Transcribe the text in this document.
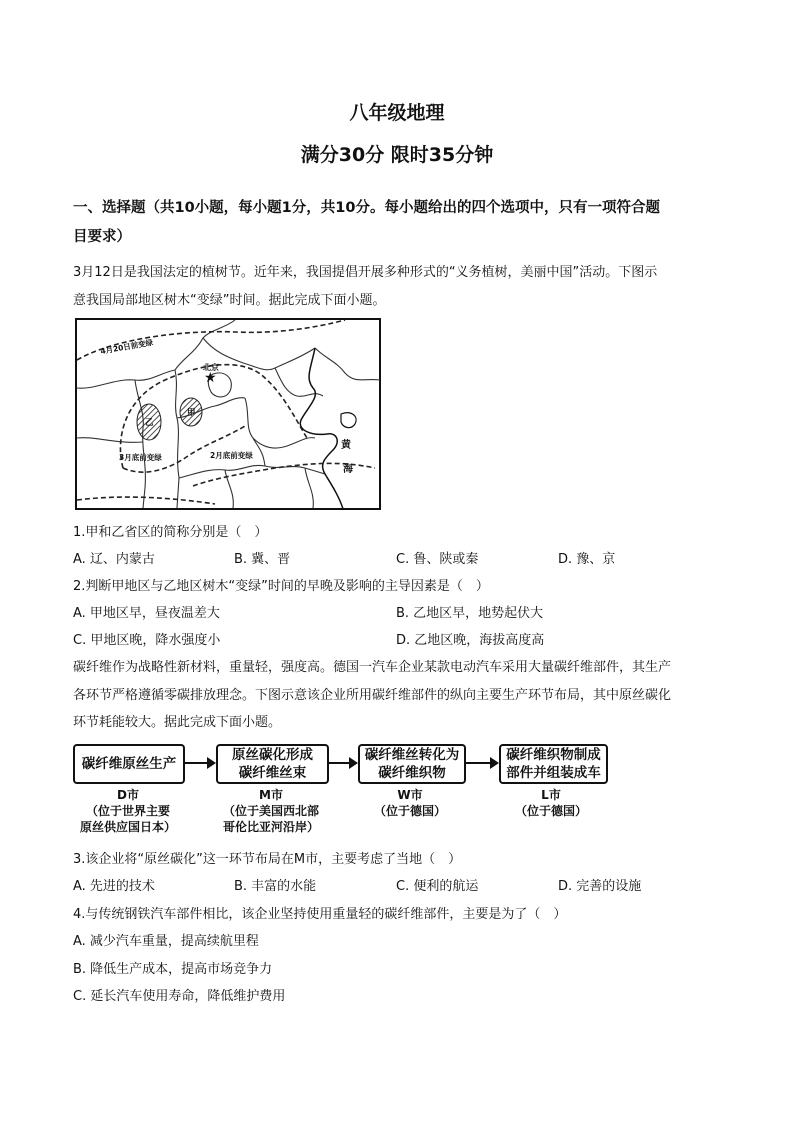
八年级地理
满分30分 限时35分钟
一、选择题（共10小题，每小题1分，共10分。每小题给出的四个选项中，只有一项符合题
目要求）
3月12日是我国法定的植树节。近年来，我国提倡开展多种形式的“义务植树，美丽中国”活动。下图示
意我国局部地区树木“变绿”时间。据此完成下面小题。
★
4月20日前变绿
北京
甲
乙
3月底前变绿	2月底前变绿
黄
海
1.甲和乙省区的简称分别是（　）
A. 辽、内蒙古	B. 冀、晋	C. 鲁、陕或秦	D. 豫、京
2.判断甲地区与乙地区树木“变绿”时间的早晚及影响的主导因素是（　）
A. 甲地区早，昼夜温差大	B. 乙地区早，地势起伏大
C. 甲地区晚，降水强度小	D. 乙地区晚，海拔高度高
碳纤维作为战略性新材料，重量轻，强度高。德国一汽车企业某款电动汽车采用大量碳纤维部件，其生产
各环节严格遵循零碳排放理念。下图示意该企业所用碳纤维部件的纵向主要生产环节布局，其中原丝碳化
环节耗能较大。据此完成下面小题。
碳纤维原丝生产
原丝碳化形成
碳纤维丝束
碳纤维丝转化为
碳纤维织物
碳纤维织物制成
部件并组装成车
D市
（位于世界主要
原丝供应国日本）
M市
（位于美国西北部
哥伦比亚河沿岸）
W市
（位于德国）
L市
（位于德国）
3.该企业将“原丝碳化”这一环节布局在M市，主要考虑了当地（　）
A. 先进的技术	B. 丰富的水能	C. 便利的航运	D. 完善的设施
4.与传统钢铁汽车部件相比，该企业坚持使用重量轻的碳纤维部件，主要是为了（　）
A. 减少汽车重量，提高续航里程
B. 降低生产成本，提高市场竞争力
C. 延长汽车使用寿命，降低维护费用
